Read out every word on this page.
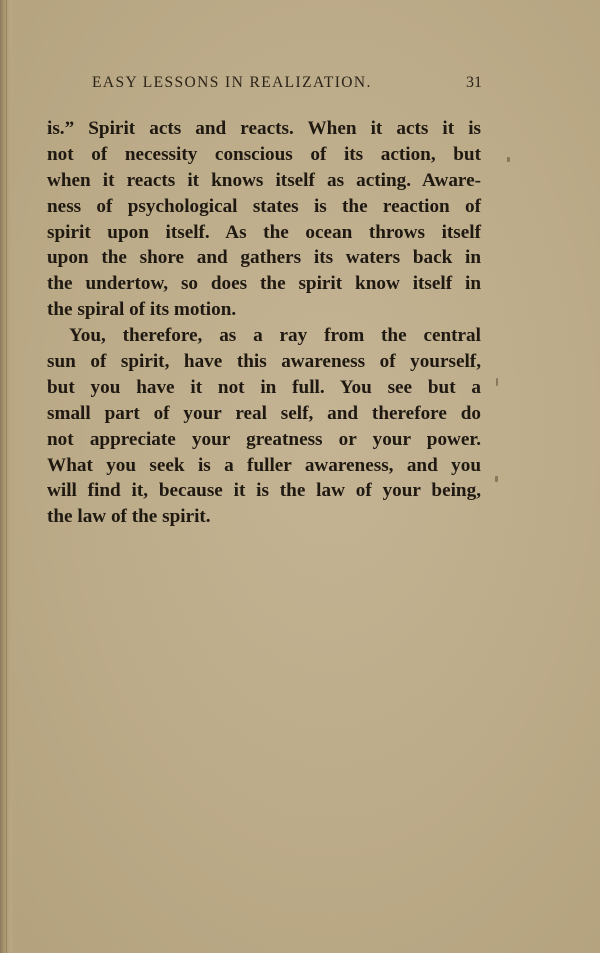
EASY LESSONS IN REALIZATION.	31
is.” Spirit acts and reacts. When it acts it is
not of necessity conscious of its action, but
when it reacts it knows itself as acting. Aware-
ness of psychological states is the reaction of
spirit upon itself. As the ocean throws itself
upon the shore and gathers its waters back in
the undertow, so does the spirit know itself in
the spiral of its motion.
You, therefore, as a ray from the central
sun of spirit, have this awareness of yourself,
but you have it not in full. You see but a
small part of your real self, and therefore do
not appreciate your greatness or your power.
What you seek is a fuller awareness, and you
will find it, because it is the law of your being,
the law of the spirit.
